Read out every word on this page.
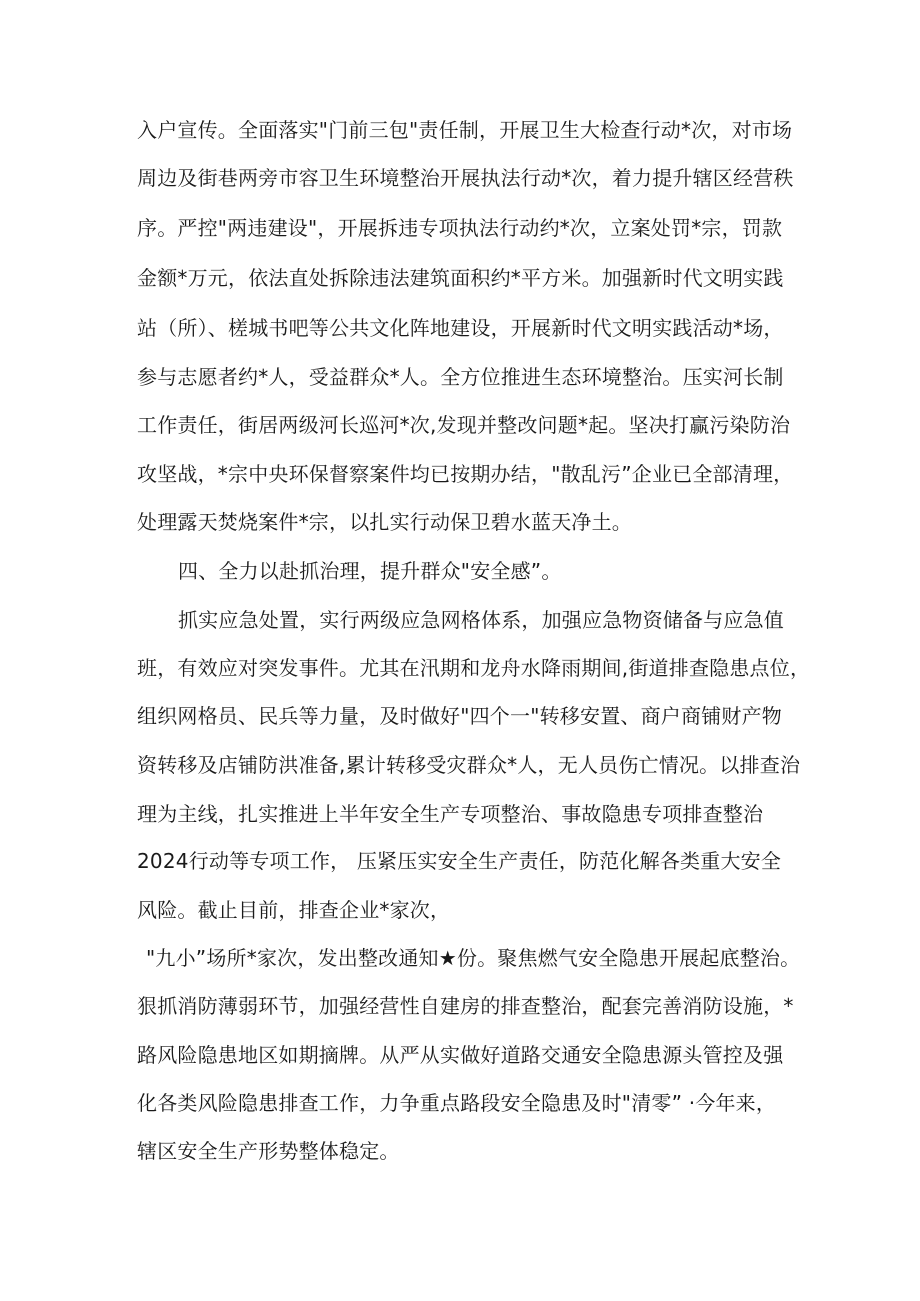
入户宣传。全面落实"门前三包"责任制，开展卫生大检查行动*次，对市场
周边及街巷两旁市容卫生环境整治开展执法行动*次，着力提升辖区经营秩
序。严控"两违建设"，开展拆违专项执法行动约*次，立案处罚*宗，罚款
金额*万元，依法直处拆除违法建筑面积约*平方米。加强新时代文明实践
站（所）、槎城书吧等公共文化阵地建设，开展新时代文明实践活动*场，
参与志愿者约*人，受益群众*人。全方位推进生态环境整治。压实河长制
工作责任，街居两级河长巡河*次,发现并整改问题*起。坚决打赢污染防治
攻坚战，*宗中央环保督察案件均已按期办结，"散乱污”企业已全部清理，
处理露天焚烧案件*宗，以扎实行动保卫碧水蓝天净土。
四、全力以赴抓治理，提升群众"安全感”。
抓实应急处置，实行两级应急网格体系，加强应急物资储备与应急值
班，有效应对突发事件。尤其在汛期和龙舟水降雨期间,街道排查隐患点位，
组织网格员、民兵等力量，及时做好"四个一"转移安置、商户商铺财产物
资转移及店铺防洪准备,累计转移受灾群众*人，无人员伤亡情况。以排查治
理为主线，扎实推进上半年安全生产专项整治、事故隐患专项排查整治
2024行动等专项工作， 压紧压实安全生产责任，防范化解各类重大安全
风险。截止目前，排查企业*家次，
"九小”场所*家次，发出整改通知★份。聚焦燃气安全隐患开展起底整治。
狠抓消防薄弱环节，加强经营性自建房的排查整治，配套完善消防设施，*
路风险隐患地区如期摘牌。从严从实做好道路交通安全隐患源头管控及强
化各类风险隐患排查工作，力争重点路段安全隐患及时"清零” ·今年来，
辖区安全生产形势整体稳定。
